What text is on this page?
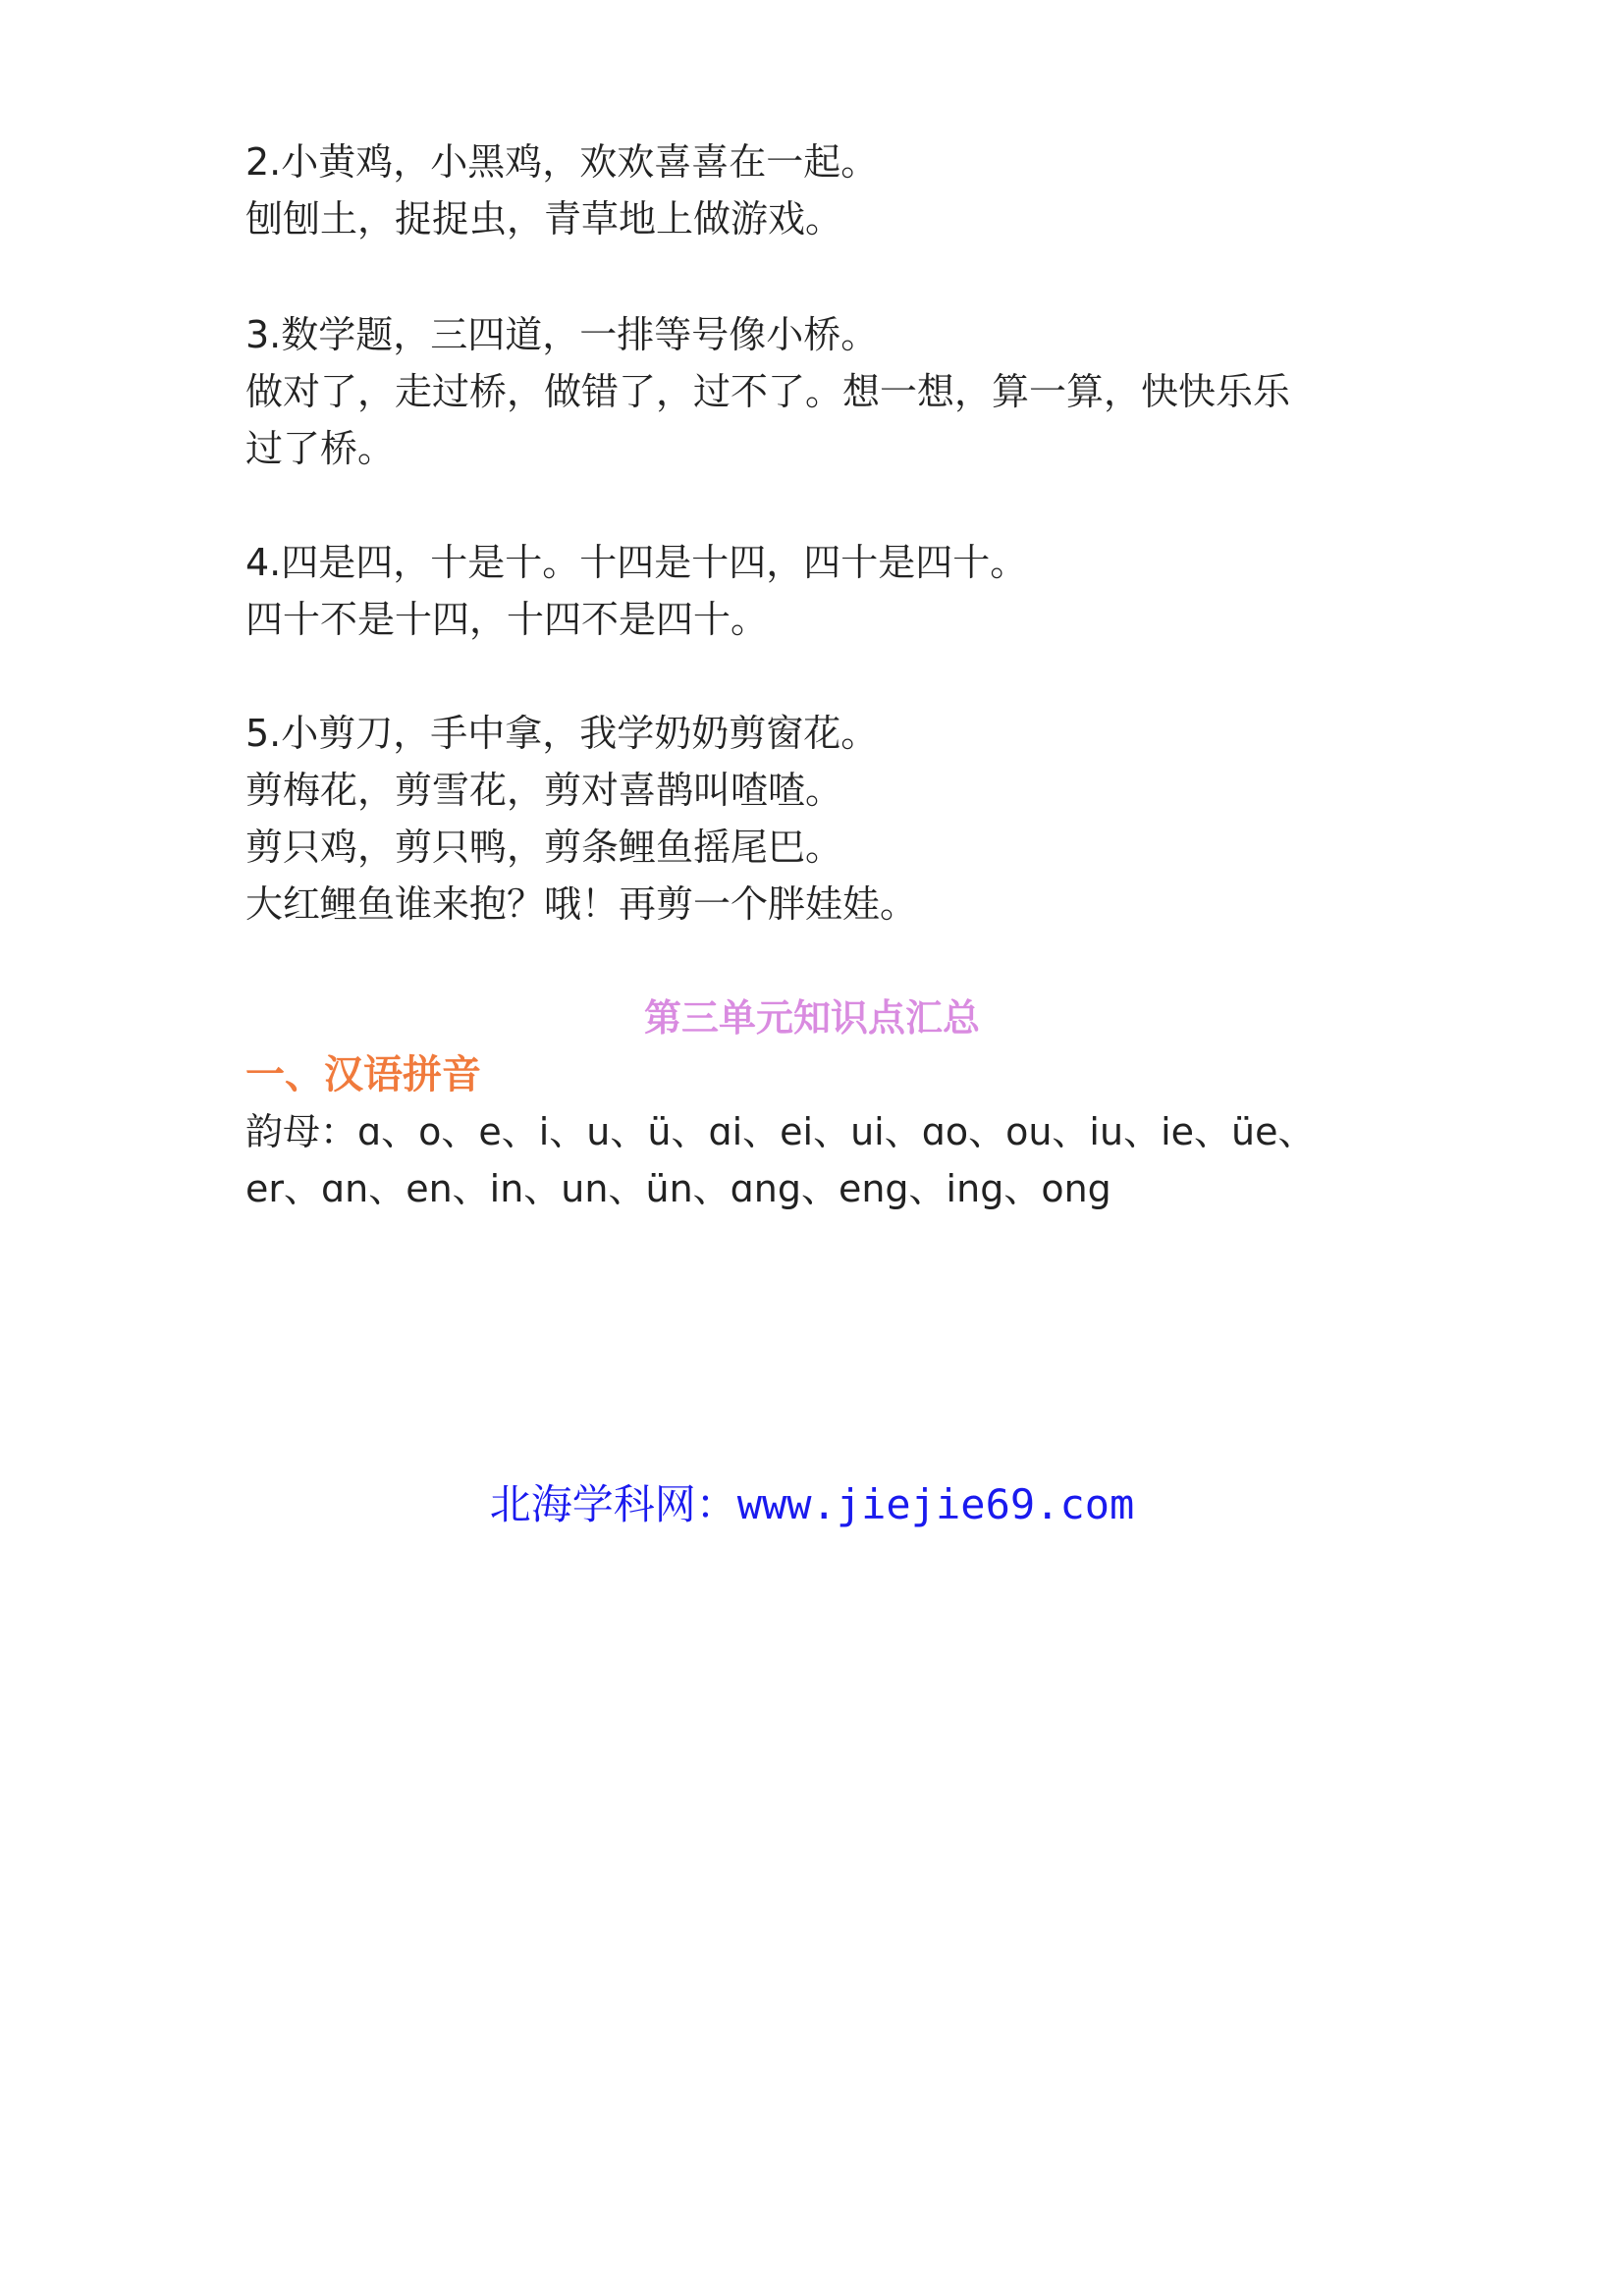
2.小黄鸡，小黑鸡，欢欢喜喜在一起。
刨刨土，捉捉虫，青草地上做游戏。
3.数学题，三四道，一排等号像小桥。
做对了，走过桥，做错了，过不了。想一想，算一算，快快乐乐
过了桥。
4.四是四，十是十。十四是十四，四十是四十。
四十不是十四，十四不是四十。
5.小剪刀，手中拿，我学奶奶剪窗花。
剪梅花，剪雪花，剪对喜鹊叫喳喳。
剪只鸡，剪只鸭，剪条鲤鱼摇尾巴。
大红鲤鱼谁来抱？哦！再剪一个胖娃娃。
第三单元知识点汇总
一、汉语拼音
韵母：ɑ、o、e、i、u、ü、ɑi、ei、ui、ɑo、ou、iu、ie、üe、
er、ɑn、en、in、un、ün、ɑng、eng、ing、ong
北海学科网：www.jiejie69.com
